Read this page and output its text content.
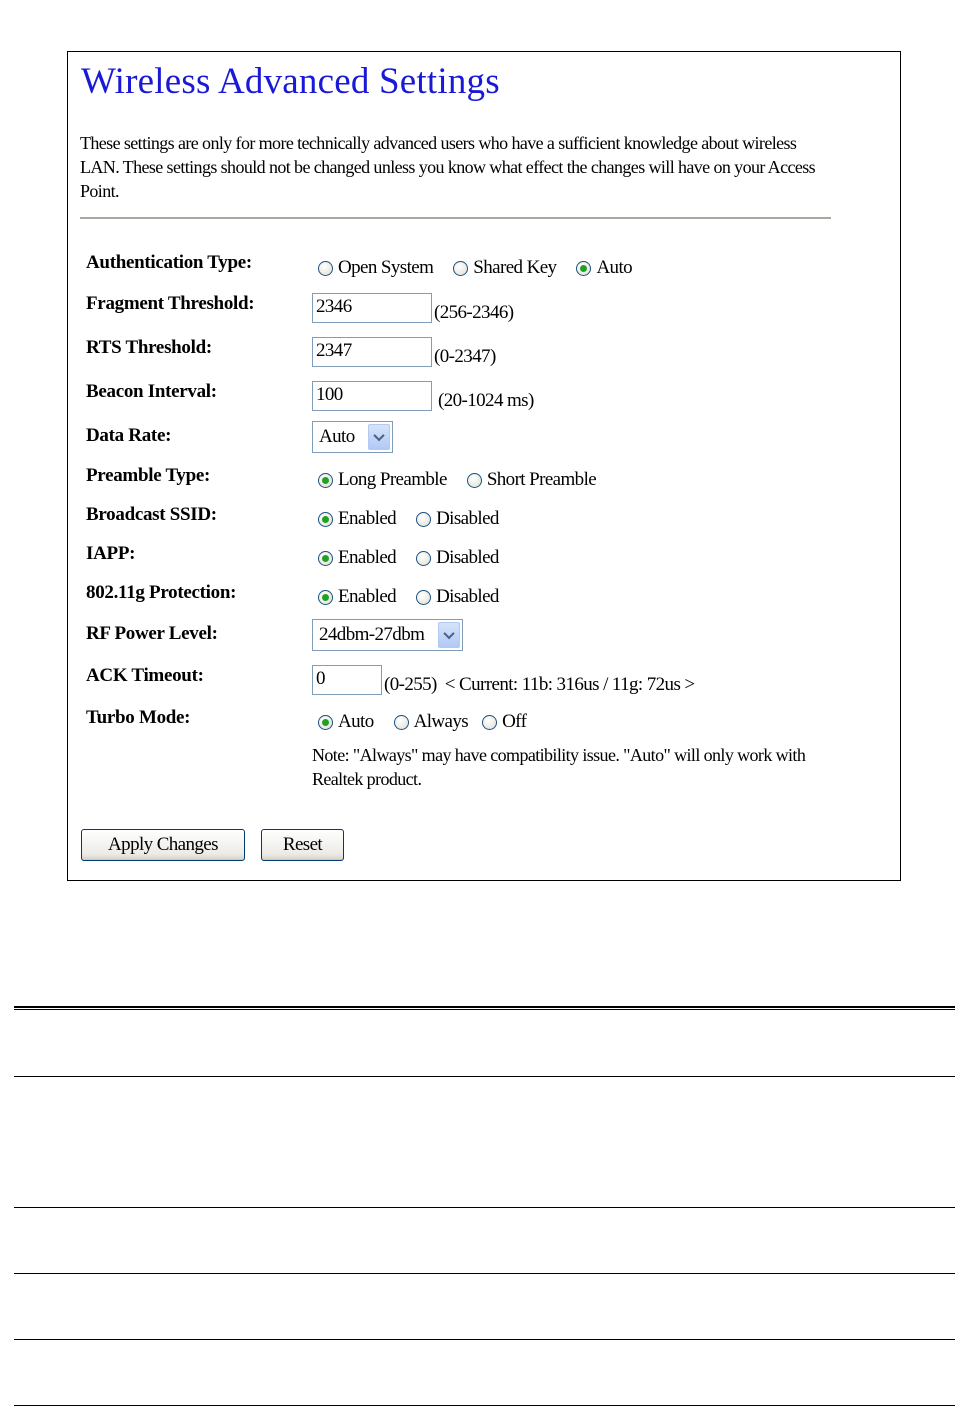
Wireless Advanced Settings
These settings are only for more technically advanced users who have a sufficient knowledge about wireless LAN. These settings should not be changed unless you know what effect the changes will have on your Access Point.
Authentication Type:	Open System Shared Key Auto
Fragment Threshold:	2346	(256-2346)
RTS Threshold:	2347	(0-2347)
Beacon Interval:	100	(20-1024 ms)
Data Rate:	Auto
Preamble Type:	Long Preamble Short Preamble
Broadcast SSID:	Enabled Disabled
IAPP:	Enabled Disabled
802.11g Protection:	Enabled Disabled
RF Power Level:	24dbm-27dbm
ACK Timeout:	0	(0-255) < Current: 11b: 316us / 11g: 72us >
Turbo Mode:	Auto Always Off
Note: "Always" may have compatibility issue. "Auto" will only work with Realtek product.
Apply Changes	Reset
